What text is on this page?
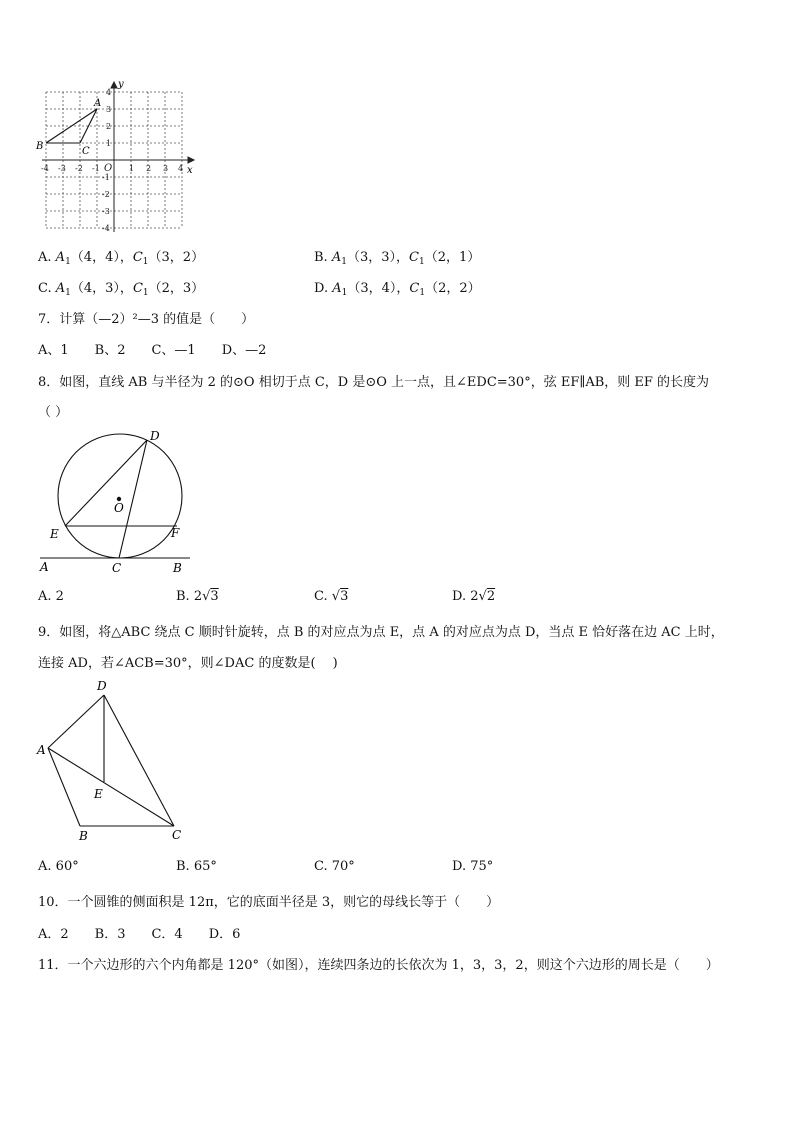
x
y
-4 -3 -2 -1 O 1 2 3 4
4
3
2
1
-1
-2
-3
-4
A
B	C
A. $A_1(4$，4），$C_1(3$，2）	B. $A_1(3$，3），$C_1(2$，1）
C. $A_1(4$，3），$C_1(2$，3）	D. $A_1(3$，4），$C_1(2$，2）
7．计算（—2）²—3 的值是（　　）
A、1　　B、2　　C、—1　　D、—2
8．如图，直线 AB 与半径为 2 的⊙O 相切于点 C，D 是⊙O 上一点，且∠EDC=30°，弦 EF∥AB，则 EF 的长度为
（ ）
D
O
E	F
A	C	B
A. 2	B. 2√3	C. √3	D. 2√2
9．如图，将△ABC 绕点 C 顺时针旋转，点 B 的对应点为点 E，点 A 的对应点为点 D，当点 E 恰好落在边 AC 上时，
连接 AD，若∠ACB=30°，则∠DAC 的度数是(　 )
D
A
E
B	C
A. 60°	B. 65°	C. 70°	D. 75°
10．一个圆锥的侧面积是 12π，它的底面半径是 3，则它的母线长等于（　　）
A．2　　B．3　　C．4　　D．6
11．一个六边形的六个内角都是 120°（如图），连续四条边的长依次为 1，3，3，2，则这个六边形的周长是（　　）
